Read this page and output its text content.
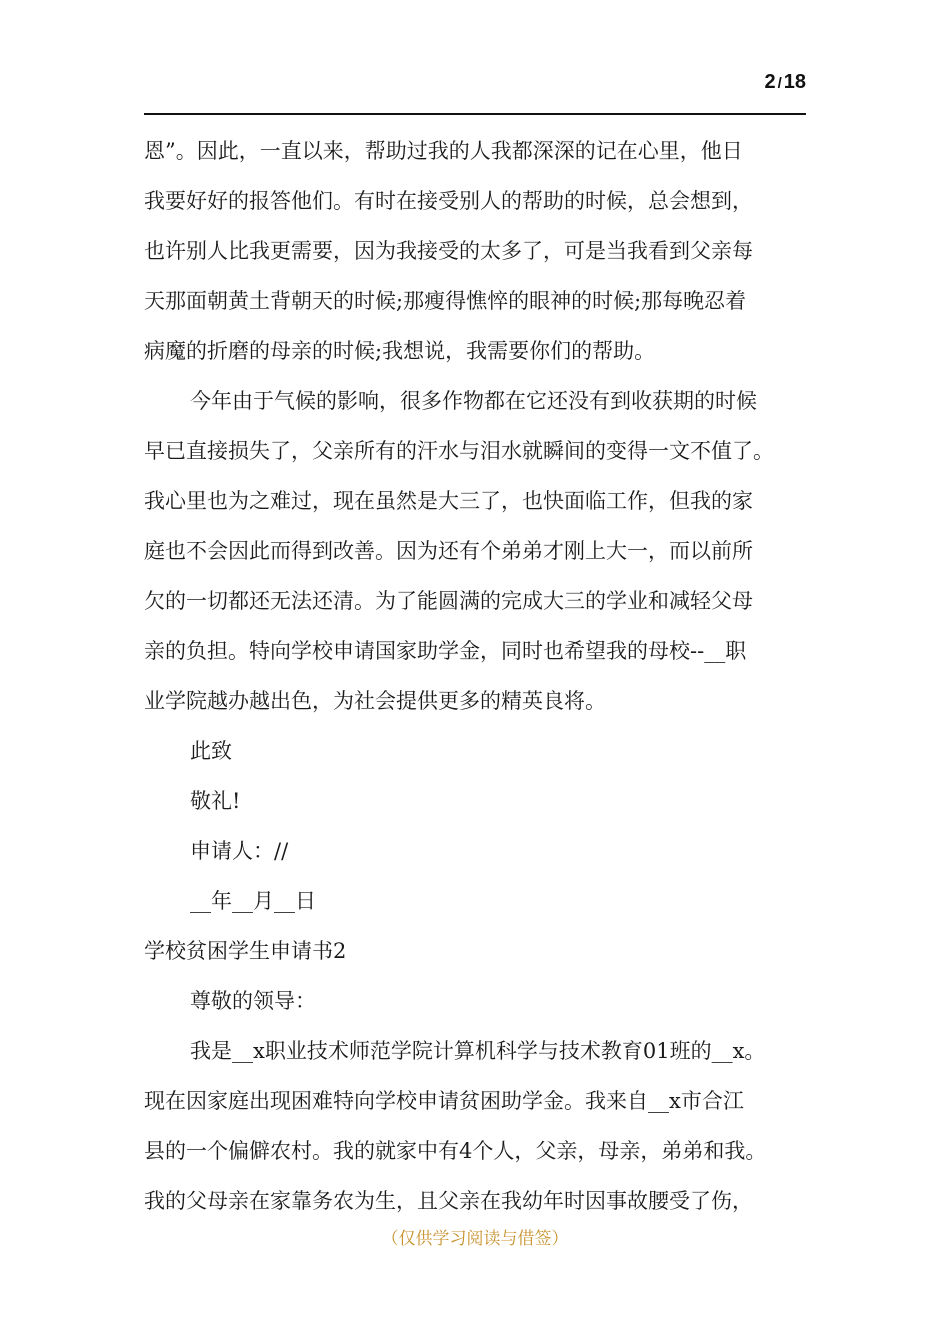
2 / 18
恩”。因此，一直以来，帮助过我的人我都深深的记在心里，他日
我要好好的报答他们。有时在接受别人的帮助的时候，总会想到，
也许别人比我更需要，因为我接受的太多了，可是当我看到父亲每
天那面朝黄土背朝天的时候;那瘦得憔悴的眼神的时候;那每晚忍着
病魔的折磨的母亲的时候;我想说，我需要你们的帮助。
今年由于气候的影响，很多作物都在它还没有到收获期的时候
早已直接损失了，父亲所有的汗水与泪水就瞬间的变得一文不值了。
我心里也为之难过，现在虽然是大三了，也快面临工作，但我的家
庭也不会因此而得到改善。因为还有个弟弟才刚上大一，而以前所
欠的一切都还无法还清。为了能圆满的完成大三的学业和减轻父母
亲的负担。特向学校申请国家助学金，同时也希望我的母校--__职
业学院越办越出色，为社会提供更多的精英良将。
此致
敬礼!
申请人：//
__年__月__日
学校贫困学生申请书2
尊敬的领导：
我是__x职业技术师范学院计算机科学与技术教育01班的__x。
现在因家庭出现困难特向学校申请贫困助学金。我来自__x市合江
县的一个偏僻农村。我的就家中有4个人，父亲，母亲，弟弟和我。
我的父母亲在家靠务农为生，且父亲在我幼年时因事故腰受了伤，
（仅供学习阅读与借签）
